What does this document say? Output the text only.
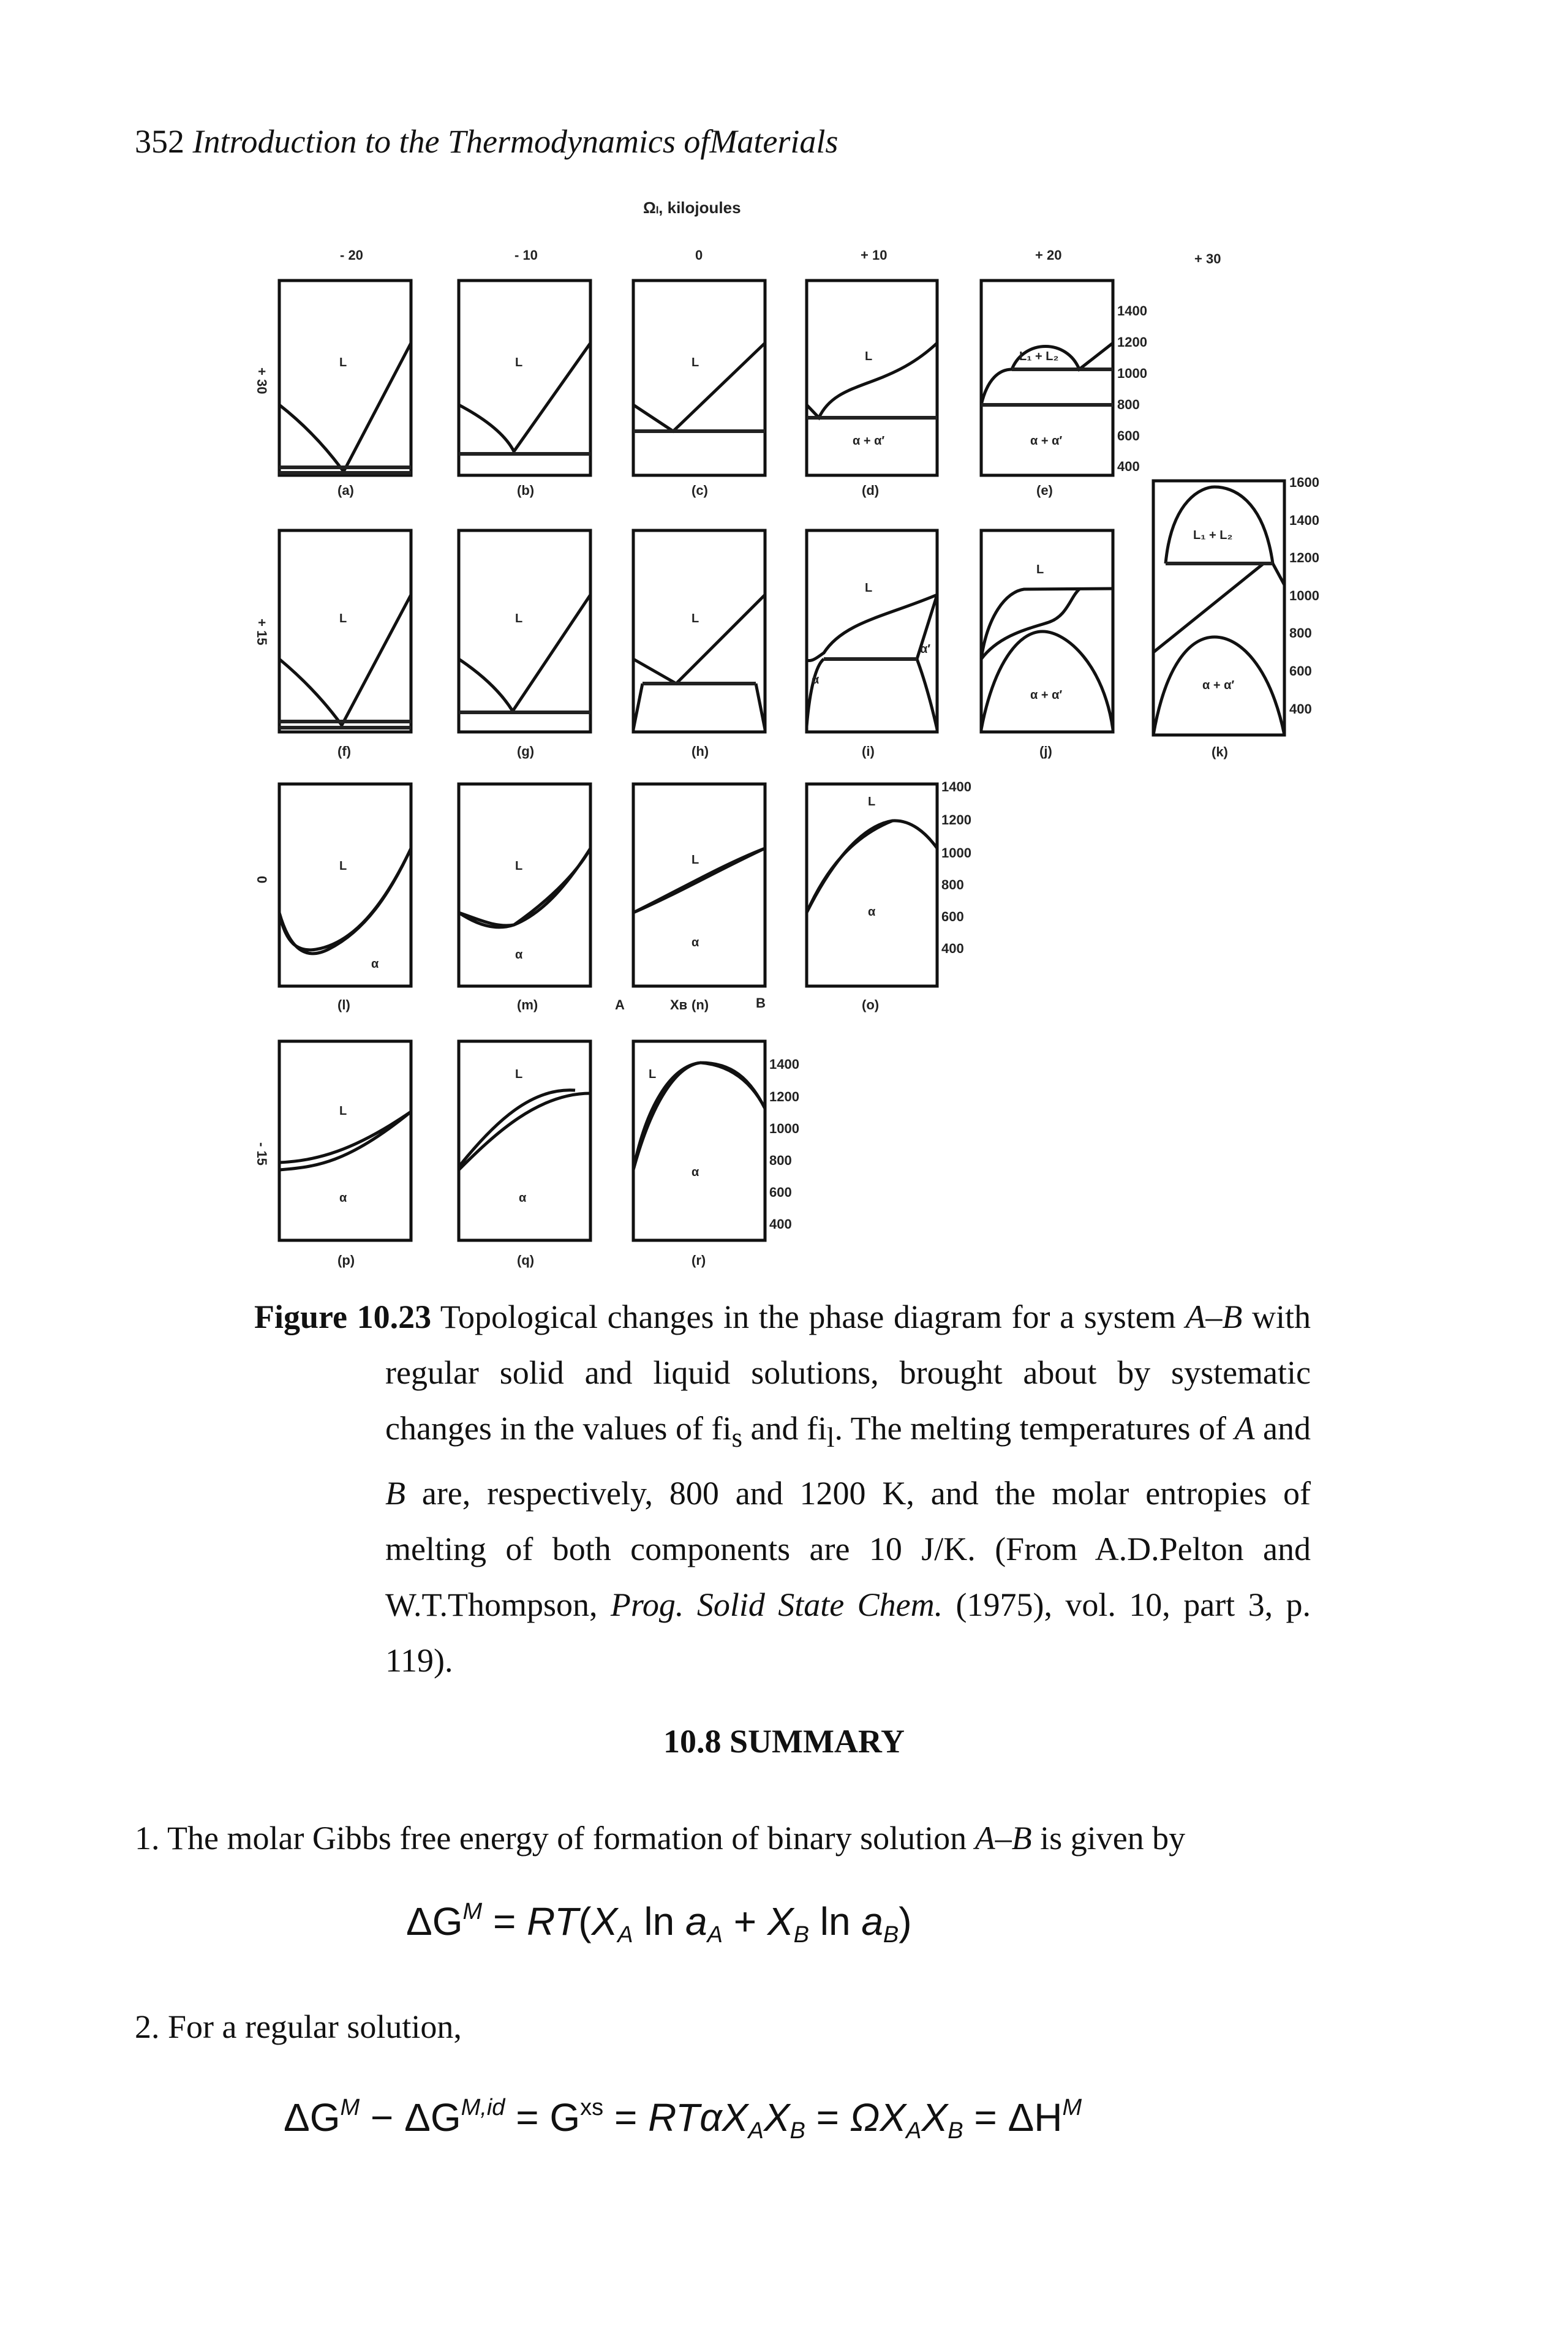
352 Introduction to the Thermodynamics ofMaterials
Ωₗ, kilojoules
- 20	- 10	0	+ 10	+ 20	+ 30
+ 30
+ 15
0
- 15
L
(a)
L
(b)
L
(c)
L
α + α′
(d)
L₁ + L₂
α + α′
(e)
1400
1200
1000
800
600
400
L
(f)
L
(g)
L
(h)
L
α
α′
(i)
L
α + α′
(j)
L₁ + L₂
α + α′
(k)
1600
1400
1200
1000
800
600
400
L
α
(l)
L
α
(m)
L
α
A	Xʙ (n)	B
L
α
(o)
1400
1200
1000
800
600
400
L
α
(p)
L
α
(q)
L
α
(r)
1400
1200
1000
800
600
400
Figure 10.23 Topological changes in the phase diagram for a system A–B with regular solid and liquid solutions, brought about by systematic changes in the values of $fi_s$ and $fi_l$. The melting temperatures of A and B are, respectively, 800 and 1200 K, and the molar entropies of melting of both components are 10 J/K. (From A.D.Pelton and W.T.Thompson, Prog. Solid State Chem. (1975), vol. 10, part 3, p. 119).
10.8 SUMMARY
1. The molar Gibbs free energy of formation of binary solution A–B is given by
$\Delta G^M = RT(X_A$ $\ln a_A + X_B$ $\ln a_B$)
2. For a regular solution,
$\Delta G^M - \Delta G^{M,id} = G^{xs} = RT\alpha X_AX_B = \Omega X_AX_B = \Delta H^M$
